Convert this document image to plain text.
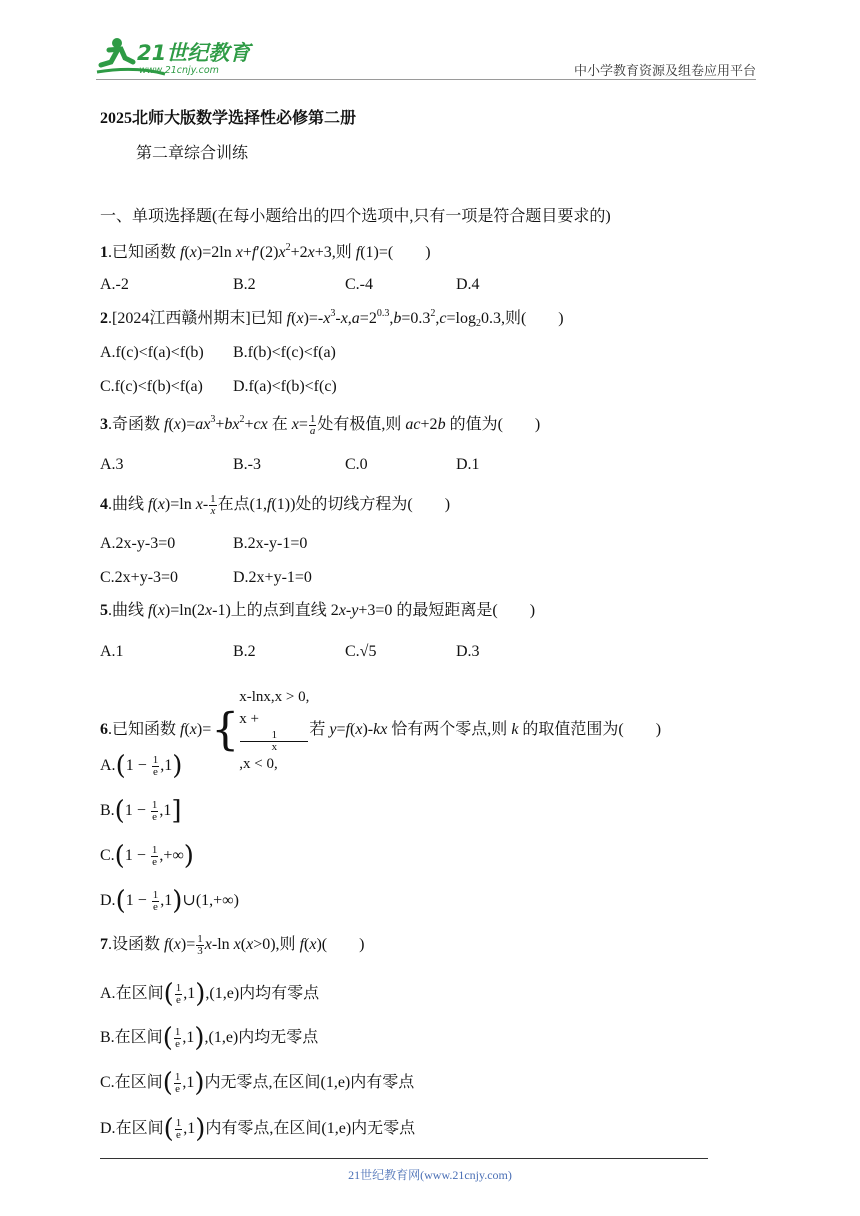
21世纪教育
www.21cnjy.com	中小学教育资源及组卷应用平台
2025北师大版数学选择性必修第二册
第二章综合训练
一、单项选择题(在每小题给出的四个选项中,只有一项是符合题目要求的)
1.已知函数 f(x)=2ln $x+f'(2)x^2+2x+3$,则 f(1)=(　　)
A.-2	B.2	C.-4	D.4
2.[2024江西赣州期末]已知 $f(x)=-x^3-x,a=2^{0.3},b=0.3^2,c=\log_20.3$,则(　　)
A.f(c)<f(a)<f(b) B.f(b)<f(c)<f(a)
C.f(c)<f(b)<f(a) D.f(a)<f(b)<f(c)
3.奇函数 $f(x)=ax^3+bx^2+cx$ 在 $x= \frac{1}{a}$ 处有极值,则 ac+2b 的值为(　　)
A.3	B.-3	C.0	D.1
4.曲线 f(x)=ln $x- \frac{1}{x}$ 在点(1,f(1))处的切线方程为(　　)
A.2x-y-3=0	B.2x-y-1=0
C.2x+y-3=0	D.2x+y-1=0
5.曲线 f(x)=ln(2x-1)上的点到直线 2x-y+3=0 的最短距离是(　　)
A.1	B.2	C.√5	D.3
6.已知函数 f(x)={
x-lnx,x > 0,
x +
1
x
,x < 0,
若 y=f(x)-kx 恰有两个零点,则 k 的取值范围为(　　)
$A.(1 - \frac{1}{e} ,1)$
$B.(1 - \frac{1}{e} ,1]$
$C.(1 - \frac{1}{e}$ ,+∞)
$D.(1 - \frac{1}{e}$ ,1)∪(1,+∞)
7.设函数 $f(x)= \frac{1}{3} x-\ln$ x(x>0),则 f(x)(　　)
A.在区间( $\frac{1}{e} ,1),(1,e)$内均有零点
B.在区间( $\frac{1}{e} ,1),(1,e)$内均无零点
C.在区间( $\frac{1}{e} ,1$)内无零点,在区间(1,e)内有零点
D.在区间( $\frac{1}{e} ,1$)内有零点,在区间(1,e)内无零点
21世纪教育网(www.21cnjy.com)
